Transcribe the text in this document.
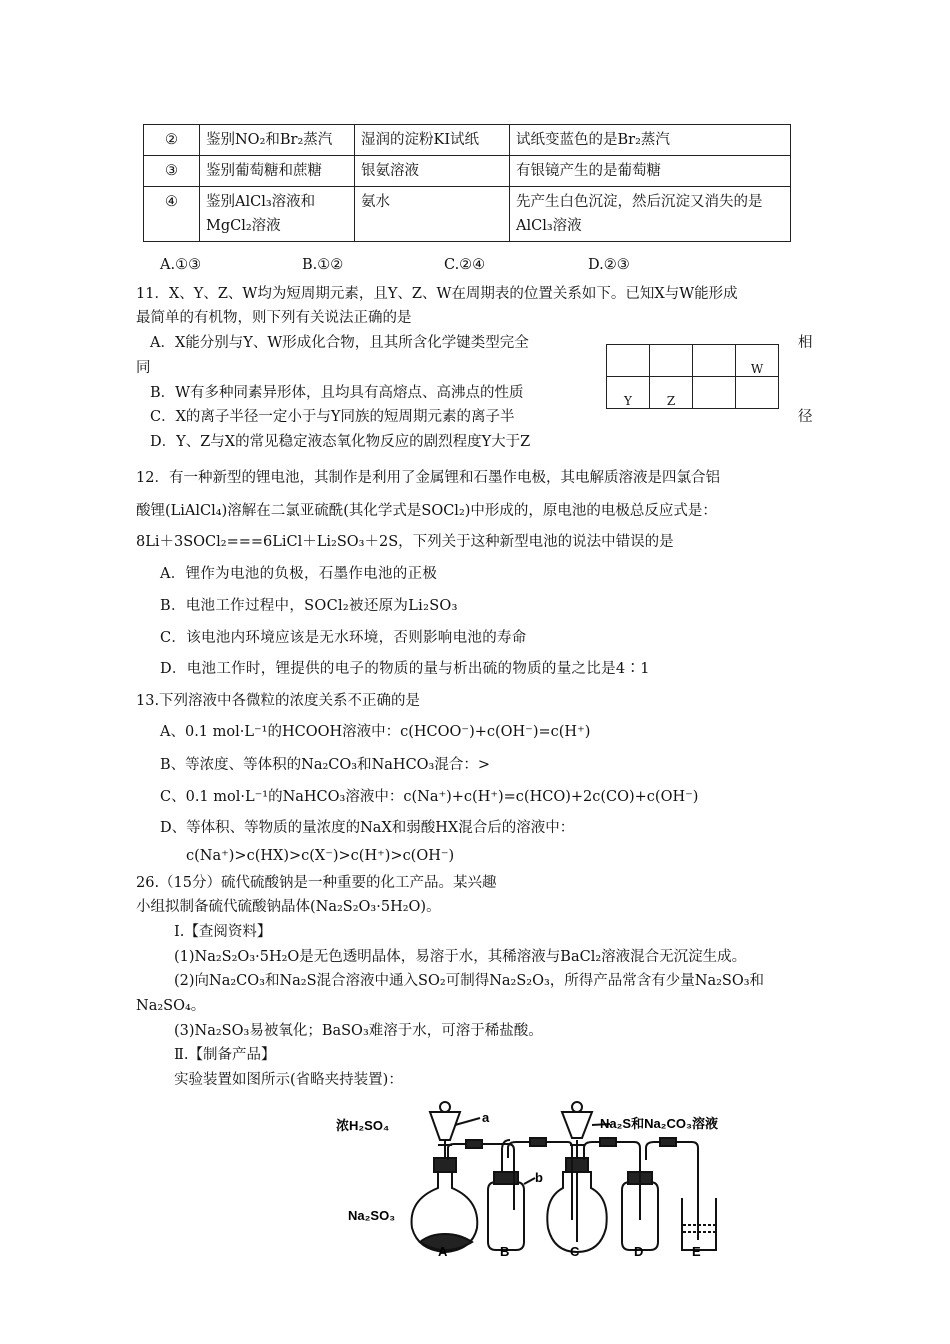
②	鉴别NO₂和Br₂蒸汽	湿润的淀粉KI试纸	试纸变蓝色的是Br₂蒸汽
③	鉴别葡萄糖和蔗糖	银氨溶液	有银镜产生的是葡萄糖
④	鉴别AlCl₃溶液和MgCl₂溶液	氨水	先产生白色沉淀，然后沉淀又消失的是AlCl₃溶液
A.①③	B.①②	C.②④	D.②③
11．X、Y、Z、W均为短周期元素，且Y、Z、W在周期表的位置关系如下。已知X与W能形成
最简单的有机物，则下列有关说法正确的是
A．X能分别与Y、W形成化合物，且其所含化学键类型完全	相
同
B．W有多种同素异形体，且均具有高熔点、高沸点的性质
C．X的离子半径一定小于与Y同族的短周期元素的离子半	径
D．Y、Z与X的常见稳定液态氧化物反应的剧烈程度Y大于Z
			W
Y	Z		
12．有一种新型的锂电池，其制作是利用了金属锂和石墨作电极，其电解质溶液是四氯合铝
酸锂(LiAlCl₄)溶解在二氯亚硫酰(其化学式是SOCl₂)中形成的，原电池的电极总反应式是：
8Li＋3SOCl₂===6LiCl＋Li₂SO₃＋2S，下列关于这种新型电池的说法中错误的是
A．锂作为电池的负极，石墨作电池的正极
B．电池工作过程中，SOCl₂被还原为Li₂SO₃
C．该电池内环境应该是无水环境，否则影响电池的寿命
D．电池工作时，锂提供的电子的物质的量与析出硫的物质的量之比是4∶1
13.下列溶液中各微粒的浓度关系不正确的是
A、0.1 mol·L⁻¹的HCOOH溶液中：c(HCOO⁻)+c(OH⁻)=c(H⁺)
B、等浓度、等体积的Na₂CO₃和NaHCO₃混合：>
C、0.1 mol·L⁻¹的NaHCO₃溶液中：c(Na⁺)+c(H⁺)=c(HCO)+2c(CO)+c(OH⁻)
D、等体积、等物质的量浓度的NaX和弱酸HX混合后的溶液中：
c(Na⁺)>c(HX)>c(X⁻)>c(H⁺)>c(OH⁻)
26.（15分）硫代硫酸钠是一种重要的化工产品。某兴趣
小组拟制备硫代硫酸钠晶体(Na₂S₂O₃·5H₂O)。
Ⅰ.【查阅资料】
(1)Na₂S₂O₃·5H₂O是无色透明晶体，易溶于水，其稀溶液与BaCl₂溶液混合无沉淀生成。
(2)向Na₂CO₃和Na₂S混合溶液中通入SO₂可制得Na₂S₂O₃，所得产品常含有少量Na₂SO₃和
Na₂SO₄。
(3)Na₂SO₃易被氧化；BaSO₃难溶于水，可溶于稀盐酸。
Ⅱ.【制备产品】
实验装置如图所示(省略夹持装置)：
浓H₂SO₄
a
b
Na₂SO₃
Na₂S和Na₂CO₃溶液
A	B	C	D	E
